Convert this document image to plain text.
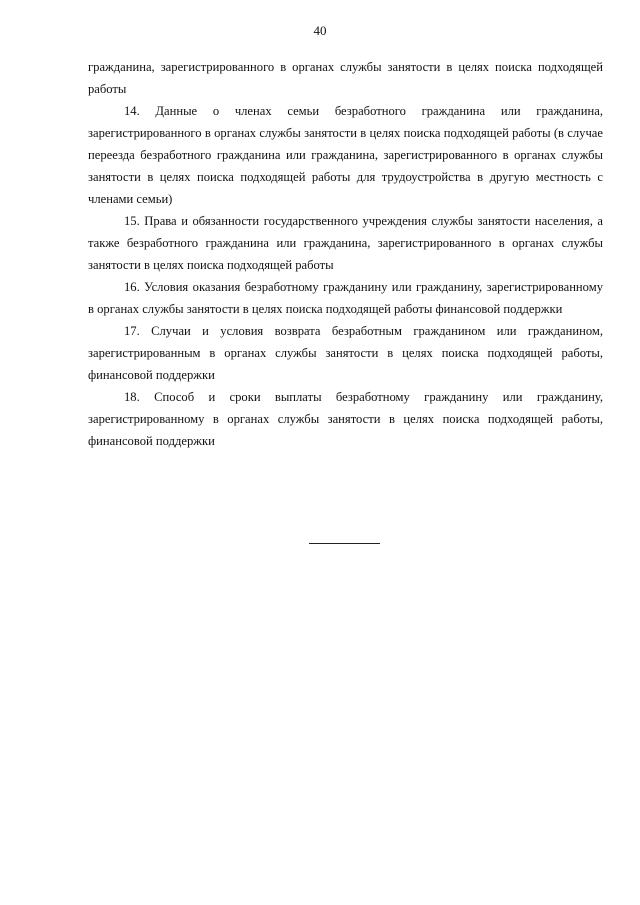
40

гражданина, зарегистрированного в органах службы занятости в целях поиска подходящей работы

14. Данные о членах семьи безработного гражданина или гражданина, зарегистрированного в органах службы занятости в целях поиска подходящей работы (в случае переезда безработного гражданина или гражданина, зарегистрированного в органах службы занятости в целях поиска подходящей работы для трудоустройства в другую местность с членами семьи)

15. Права и обязанности государственного учреждения службы занятости населения, а также безработного гражданина или гражданина, зарегистрированного в органах службы занятости в целях поиска подходящей работы

16. Условия оказания безработному гражданину или гражданину, зарегистрированному в органах службы занятости в целях поиска подходящей работы финансовой поддержки

17. Случаи и условия возврата безработным гражданином или гражданином, зарегистрированным в органах службы занятости в целях поиска подходящей работы, финансовой поддержки

18. Способ и сроки выплаты безработному гражданину или гражданину, зарегистрированному в органах службы занятости в целях поиска подходящей работы, финансовой поддержки
